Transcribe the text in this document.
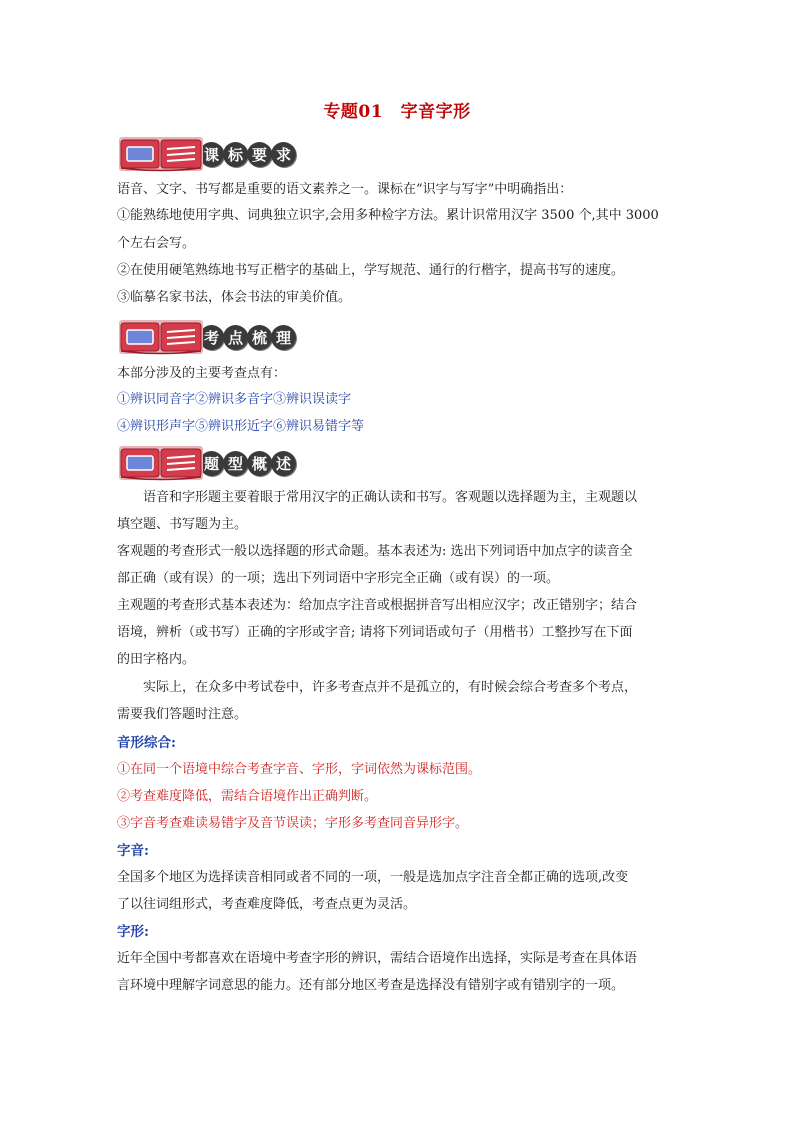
专题01　字音字形
课 标 要 求
语音、文字、书写都是重要的语文素养之一。课标在“识字与写字”中明确指出：
①能熟练地使用字典、词典独立识字,会用多种检字方法。累计识常用汉字 3500 个,其中 3000
个左右会写。
②在使用硬笔熟练地书写正楷字的基础上，学写规范、通行的行楷字，提高书写的速度。
③临摹名家书法，体会书法的审美价值。
考 点 梳 理
本部分涉及的主要考查点有：
①辨识同音字②辨识多音字③辨识误读字
④辨识形声字⑤辨识形近字⑥辨识易错字等
题 型 概 述
语音和字形题主要着眼于常用汉字的正确认读和书写。客观题以选择题为主，主观题以
填空题、书写题为主。
客观题的考查形式一般以选择题的形式命题。基本表述为: 选出下列词语中加点字的读音全
部正确（或有误）的一项；选出下列词语中字形完全正确（或有误）的一项。
主观题的考查形式基本表述为：给加点字注音或根据拼音写出相应汉字；改正错别字；结合
语境，辨析（或书写）正确的字形或字音; 请将下列词语或句子（用楷书）工整抄写在下面
的田字格内。
实际上，在众多中考试卷中，许多考查点并不是孤立的，有时候会综合考查多个考点，
需要我们答题时注意。
音形综合:
①在同一个语境中综合考查字音、字形，字词依然为课标范围。
②考查难度降低，需结合语境作出正确判断。
③字音考查难读易错字及音节误读；字形多考查同音异形字。
字音:
全国多个地区为选择读音相同或者不同的一项，一般是选加点字注音全都正确的选项,改变
了以往词组形式，考查难度降低，考查点更为灵活。
字形:
近年全国中考都喜欢在语境中考查字形的辨识，需结合语境作出选择，实际是考查在具体语
言环境中理解字词意思的能力。还有部分地区考查是选择没有错别字或有错别字的一项。
